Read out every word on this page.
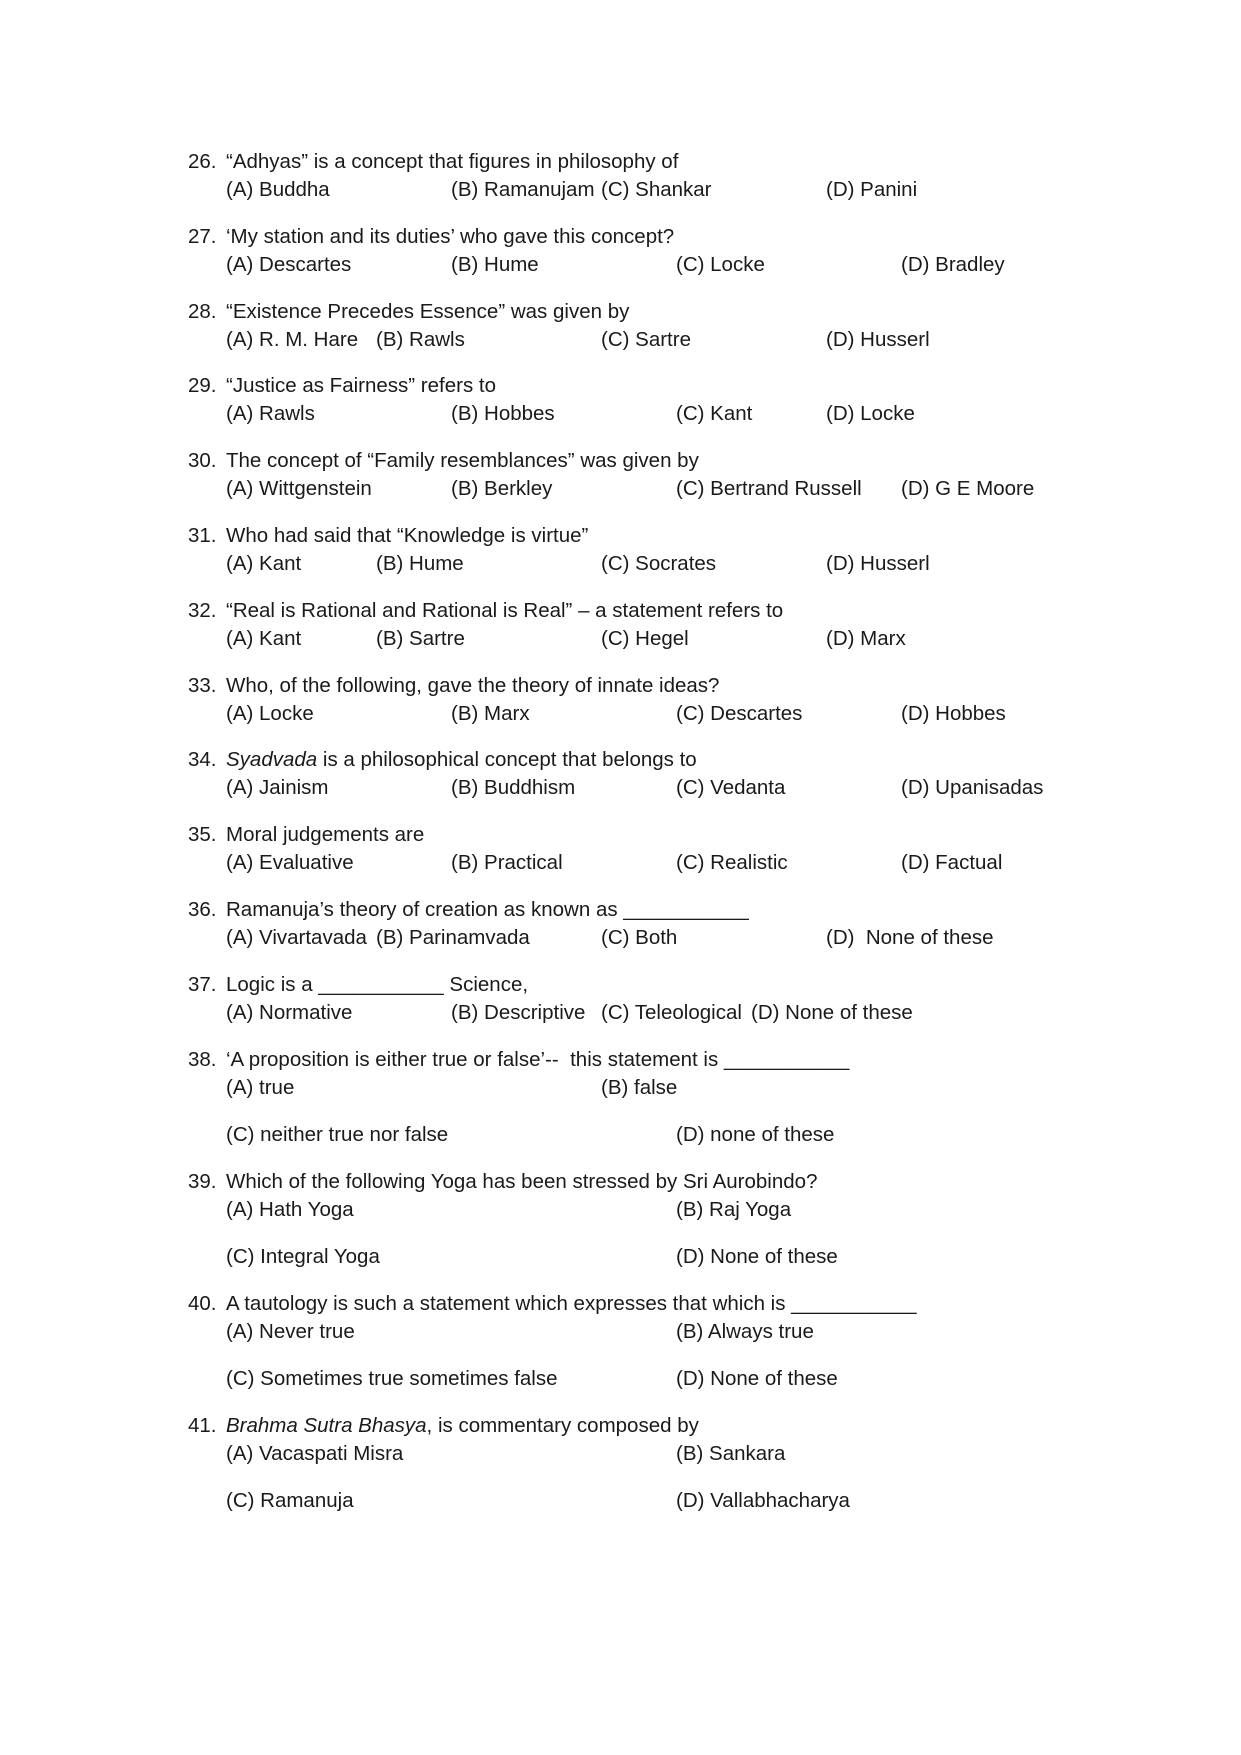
26. “Adhyas” is a concept that figures in philosophy of
(A) Buddha	(B) Ramanujam (C) Shankar	(D) Panini
27. ‘My station and its duties’ who gave this concept?
(A) Descartes	(B) Hume	(C) Locke	(D) Bradley
28. “Existence Precedes Essence” was given by
(A) R. M. Hare (B) Rawls	(C) Sartre	(D) Husserl
29. “Justice as Fairness” refers to
(A) Rawls	(B) Hobbes	(C) Kant	(D) Locke
30. The concept of “Family resemblances” was given by
(A) Wittgenstein	(B) Berkley	(C) Bertrand Russell (D) G E Moore
31. Who had said that “Knowledge is virtue”
(A) Kant	(B) Hume	(C) Socrates	(D) Husserl
32. “Real is Rational and Rational is Real” – a statement refers to
(A) Kant	(B) Sartre	(C) Hegel	(D) Marx
33. Who, of the following, gave the theory of innate ideas?
(A) Locke	(B) Marx	(C) Descartes	(D) Hobbes
34. Syadvada is a philosophical concept that belongs to
(A) Jainism	(B) Buddhism	(C) Vedanta	(D) Upanisadas
35. Moral judgements are
(A) Evaluative	(B) Practical	(C) Realistic	(D) Factual
36. Ramanuja’s theory of creation as known as ___________
(A) Vivartavada (B) Parinamvada	(C) Both	(D)  None of these
37. Logic is a ___________ Science,
(A) Normative	(B) Descriptive (C) Teleological (D) None of these
38. ‘A proposition is either true or false’--  this statement is ___________
(A) true	(B) false
(C) neither true nor false	(D) none of these
39. Which of the following Yoga has been stressed by Sri Aurobindo?
(A) Hath Yoga	(B) Raj Yoga
(C) Integral Yoga	(D) None of these
40. A tautology is such a statement which expresses that which is ___________
(A) Never true	(B) Always true
(C) Sometimes true sometimes false	(D) None of these
41. Brahma Sutra Bhasya, is commentary composed by
(A) Vacaspati Misra	(B) Sankara
(C) Ramanuja	(D) Vallabhacharya
